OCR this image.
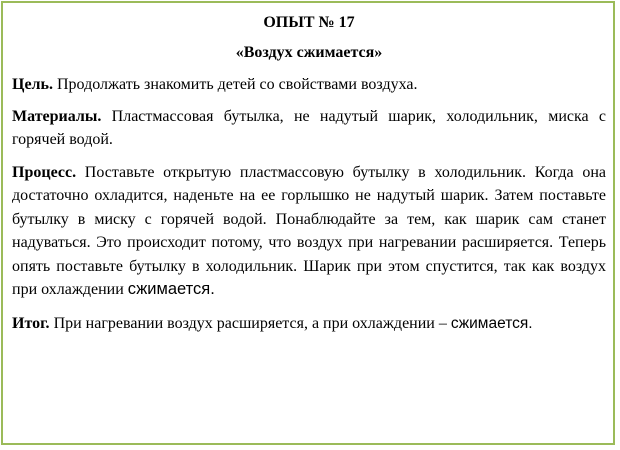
ОПЫТ № 17

«Воздух сжимается»

Цель. Продолжать знакомить детей со свойствами воздуха.

Материалы. Пластмассовая бутылка, не надутый шарик, холодильник, миска с горячей водой.

Процесс. Поставьте открытую пластмассовую бутылку в холодильник. Когда она достаточно охладится, наденьте на ее горлышко не надутый шарик. Затем поставьте бутылку в миску с горячей водой. Понаблюдайте за тем, как шарик сам станет надуваться. Это происходит потому, что воздух при нагревании расширяется. Теперь опять поставьте бутылку в холодильник. Шарик при этом спустится, так как воздух при охлаждении сжимается.

Итог. При нагревании воздух расширяется, а при охлаждении – сжимается.
